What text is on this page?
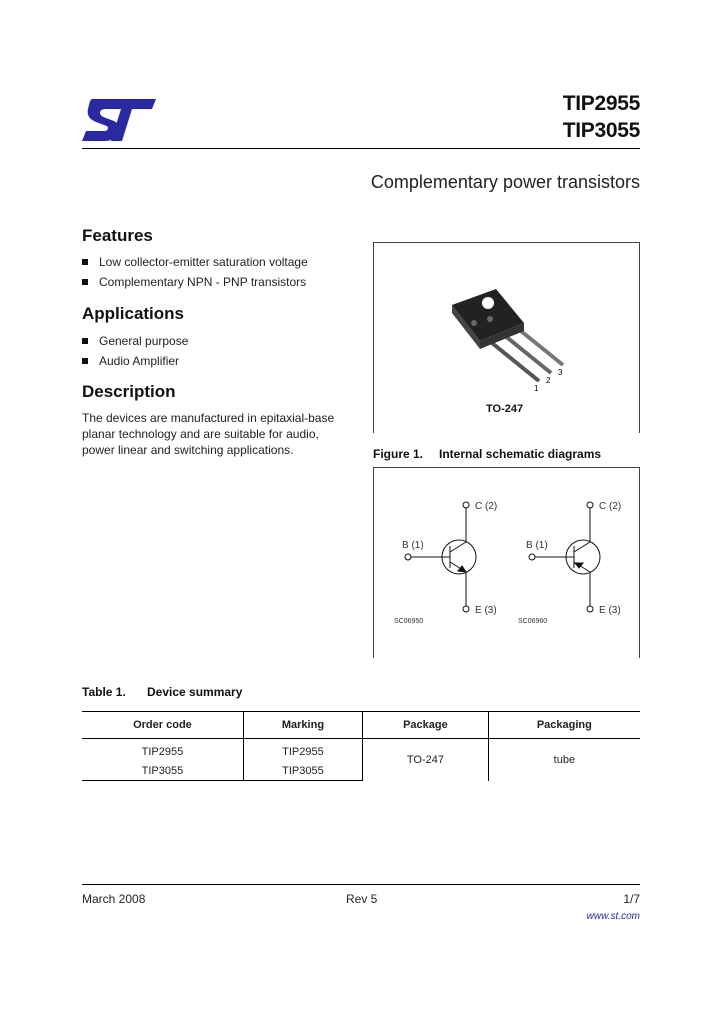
TIP2955
TIP3055
Complementary power transistors
Features
Low collector-emitter saturation voltage
Complementary NPN - PNP transistors
Applications
General purpose
Audio Amplifier
Description
The devices are manufactured in epitaxial-base planar technology and are suitable for audio, power linear and switching applications.
1
2
3
TO-247
Figure 1. Internal schematic diagrams
C (2)
B (1)
E (3)
SC06950
C (2)
B (1)
E (3)
SC06960
Table 1. Device summary
Order code	Marking	Package	Packaging
TIP2955	TIP2955	TO-247	tube
TIP3055	TIP3055		
March 2008	Rev 5	1/7
www.st.com
